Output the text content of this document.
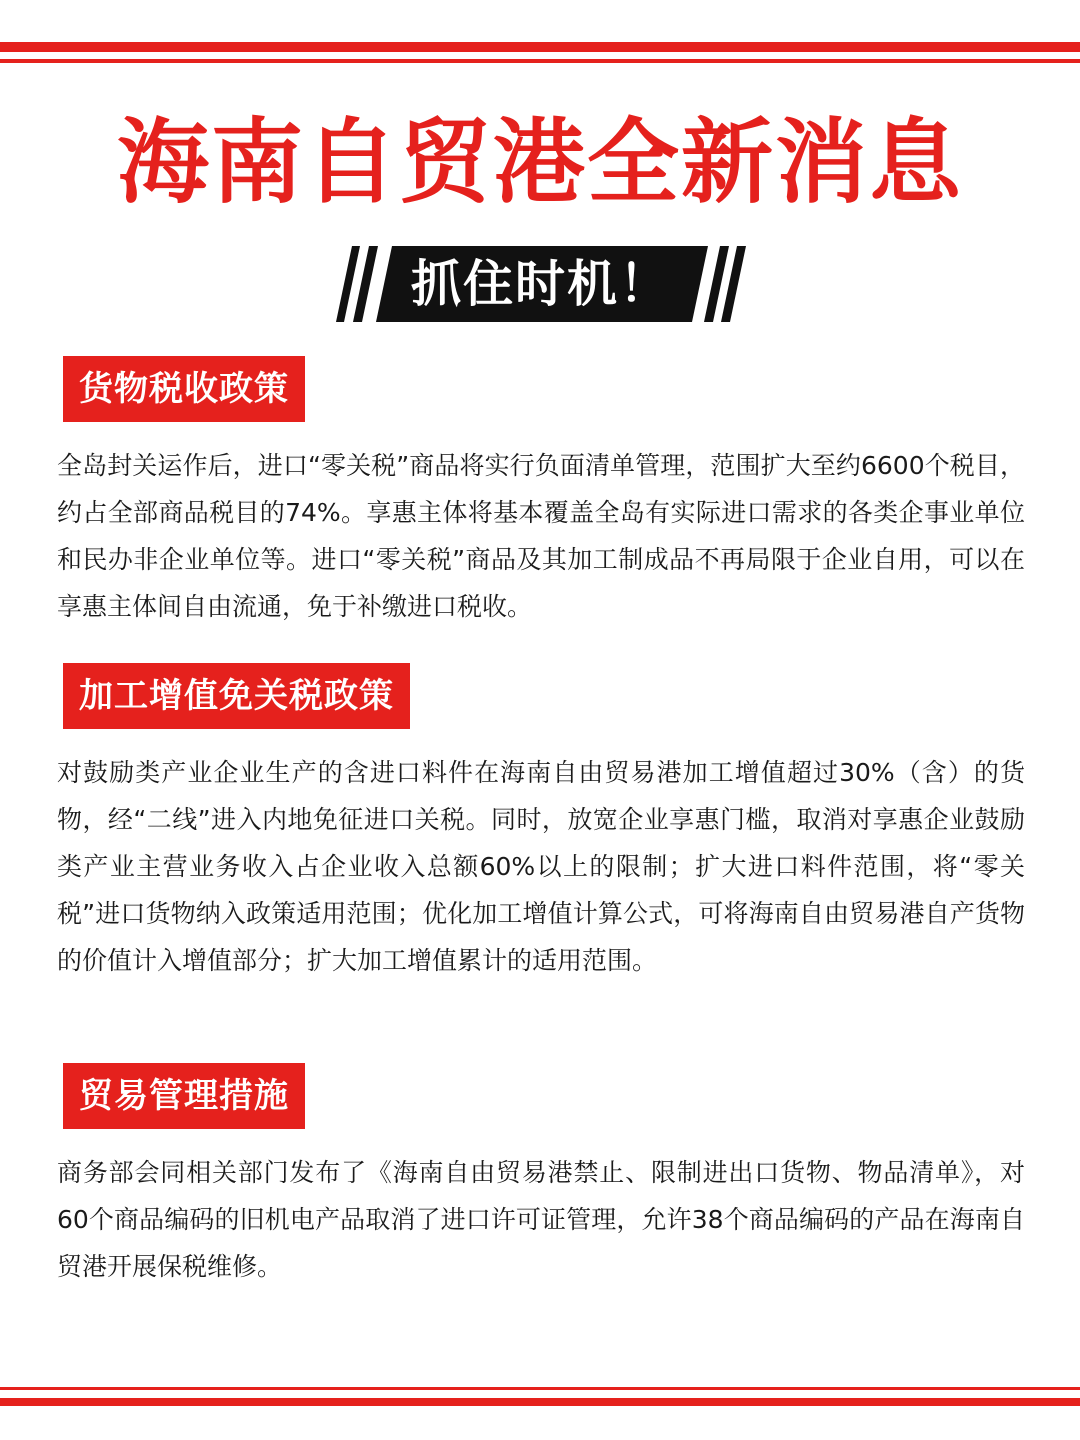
海南自贸港全新消息
抓住时机！
货物税收政策

全岛封关运作后，进口“零关税”商品将实行负面清单管理，范围扩大至约6600个税目，约占全部商品税目的74%。享惠主体将基本覆盖全岛有实际进口需求的各类企事业单位和民办非企业单位等。进口“零关税”商品及其加工制成品不再局限于企业自用，可以在享惠主体间自由流通，免于补缴进口税收。

加工增值免关税政策

对鼓励类产业企业生产的含进口料件在海南自由贸易港加工增值超过30%（含）的货物，经“二线”进入内地免征进口关税。同时，放宽企业享惠门槛，取消对享惠企业鼓励类产业主营业务收入占企业收入总额60%以上的限制；扩大进口料件范围，将“零关税”进口货物纳入政策适用范围；优化加工增值计算公式，可将海南自由贸易港自产货物的价值计入增值部分；扩大加工增值累计的适用范围。

贸易管理措施

商务部会同相关部门发布了《海南自由贸易港禁止、限制进出口货物、物品清单》，对60个商品编码的旧机电产品取消了进口许可证管理，允许38个商品编码的产品在海南自贸港开展保税维修。
